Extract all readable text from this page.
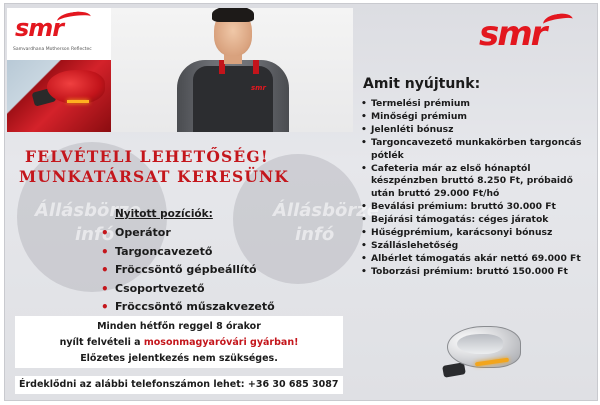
Állásbörze
infó
Állásbörze
infó
smr
Samvardhana Motherson Reflectec
smr
smr
Amit nyújtunk:
• Termelési prémium
• Minőségi prémium
• Jelenléti bónusz
• Targoncavezető munkakörben targoncás pótlék
• Cafeteria már az első hónaptól készpénzben bruttó 8.250 Ft, próbaidő után bruttó 29.000 Ft/hó
• Beválási prémium: bruttó 30.000 Ft
• Bejárási támogatás: céges járatok
• Hűségprémium, karácsonyi bónusz
• Szálláslehetőség
• Albérlet támogatás akár nettó 69.000 Ft
• Toborzási prémium: bruttó 150.000 Ft
FELVÉTELI LEHETŐSÉG!
MUNKATÁRSAT KERESÜNK
Nyitott pozíciók:
• Operátor
• Targoncavezető
• Fröccsöntő gépbeállító
• Csoportvezető
• Fröccsöntő műszakvezető

Minden hétfőn reggel 8 órakor

nyílt felvételi a mosonmagyaróvári gyárban!

Előzetes jelentkezés nem szükséges.

Érdeklődni az alábbi telefonszámon lehet: +36 30 685 3087
